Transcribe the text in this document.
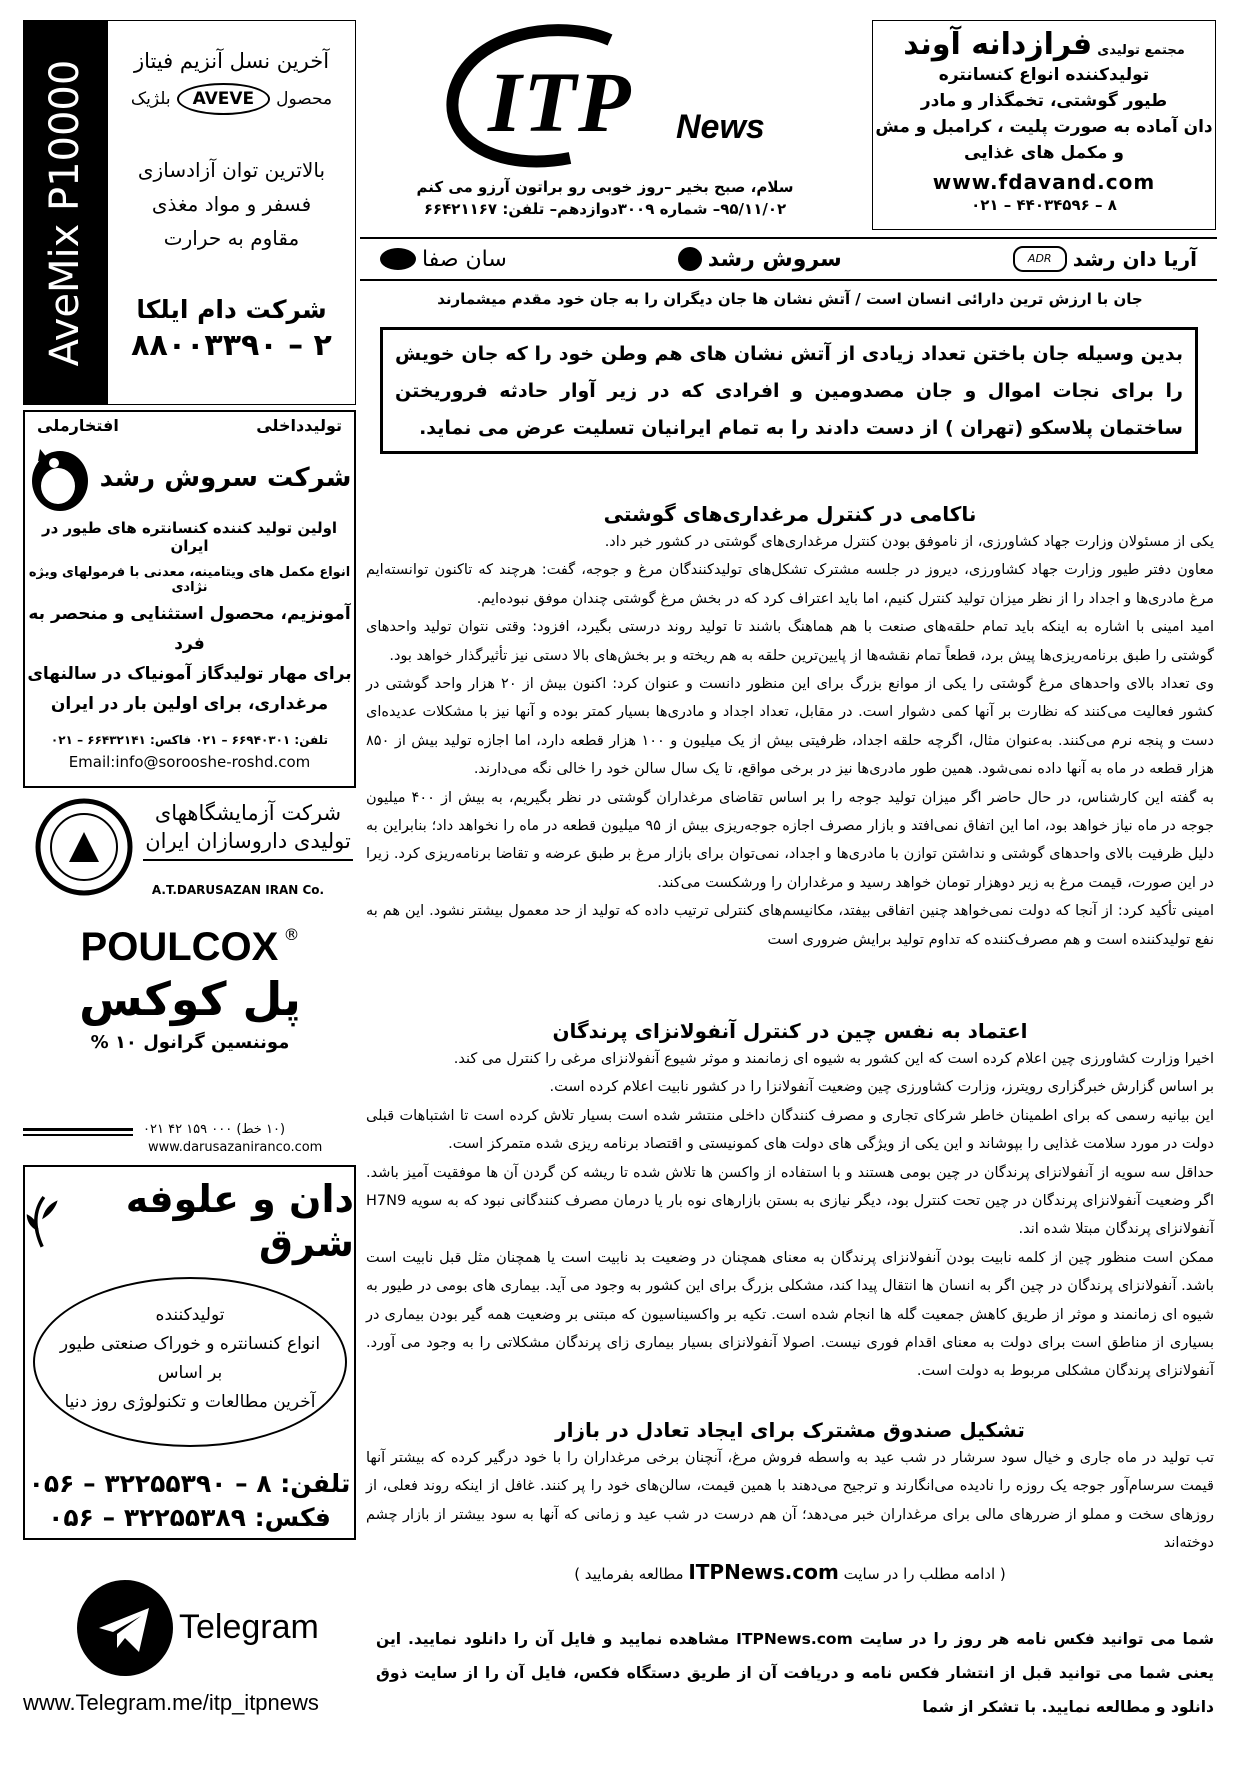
AveMix P10000	آخرین نسل آنزیم فیتاز
محصول
AVEVE
بلژیک
بالاترین توان آزادسازی
فسفر و مواد مغذی
مقاوم به حرارت
شرکت دام ایلکا
۲ – ۸۸۰۰۳۳۹۰
تولیدداخلی
افتخارملی
شرکت سروش رشد
اولین تولید کننده کنسانتره های طیور در ایران
انواع مکمل های ویتامینه، معدنی با فرمولهای ویژه نژادی
آمونزیم، محصول استثنایی و منحصر به فرد
برای مهار تولیدگاز آمونیاک در سالنهای
مرغداری، برای اولین بار در ایران
تلفن: ۶۶۹۴۰۳۰۱ – ۰۲۱ فاکس: ۶۶۴۳۲۱۴۱ – ۰۲۱
Email:info@sorooshe-roshd.com
شرکت آزمایشگاههای
تولیدی داروسازان ایران
A.T.DARUSAZAN IRAN Co.
POULCOX ®
پل کوکس
موننسین گرانول ۱۰ %
(۱۰ خط) ۰۰۰ ۱۵۹ ۴۲ ۰۲۱
www.darusazaniranco.com
دان و علوفه شرق
تولیدکننده
انواع کنسانتره و خوراک صنعتی طیور
بر اساس
آخرین مطالعات و تکنولوژی روز دنیا
تلفن: ۸ – ۳۲۲۵۵۳۹۰ – ۰۵۶
فکس: ۳۲۲۵۵۳۸۹ – ۰۵۶
Telegram
www.Telegram.me/itp_itpnews
ITP News
سلام، صبح بخیر –روز خوبی رو براتون آرزو می کنم
۹۵/۱۱/۰۲– شماره ۳۰۰۹دوازدهم– تلفن: ۶۶۴۲۱۱۶۷
مجتمع تولیدی فرازدانه آوند
تولیدکننده انواع کنسانتره
طیور گوشتی، تخمگذار و مادر
دان آماده به صورت پلیت ، کرامبل و مش
و مکمل های غذایی
www.fdavand.com
۸ – ۴۴۰۳۴۵۹۶ – ۰۲۱
آریا دان رشد
ADR
سروش رشد
سان صفا
جان با ارزش ترین دارائی انسان است / آتش نشان ها جان دیگران را به جان خود مقدم میشمارند
بدین وسیله جان باختن تعداد زیادی از آتش نشان های هم وطن خود را که جان خویش را برای نجات اموال و جان مصدومین و افرادی که در زیر آوار حادثه فروریختن ساختمان پلاسکو (تهران ) از دست دادند را به تمام ایرانیان تسلیت عرض می نماید.
ناکامی در کنترل مرغداری‌های گوشتی

یکی از مسئولان وزارت جهاد کشاورزی، از ناموفق بودن کنترل مرغداری‌های گوشتی در کشور خبر داد.

معاون دفتر طیور وزارت جهاد کشاورزی، دیروز در جلسه مشترک تشکل‌های تولیدکنندگان مرغ و جوجه، گفت: هرچند که تاکنون توانسته‌ایم مرغ مادری‌ها و اجداد را از نظر میزان تولید کنترل کنیم، اما باید اعتراف کرد که در بخش مرغ گوشتی چندان موفق نبوده‌ایم.

امید امینی با اشاره به اینکه باید تمام حلقه‌های صنعت با هم هماهنگ باشند تا تولید روند درستی بگیرد، افزود: وقتی نتوان تولید واحدهای گوشتی را طبق برنامه‌ریزی‌ها پیش برد، قطعاً تمام نقشه‌ها از پایین‌ترین حلقه به هم ریخته و بر بخش‌های بالا دستی نیز تأثیرگذار خواهد بود.

وی تعداد بالای واحدهای مرغ گوشتی را یکی از موانع بزرگ برای این منظور دانست و عنوان کرد: اکنون بیش از ۲۰ هزار واحد گوشتی در کشور فعالیت می‌کنند که نظارت بر آنها کمی دشوار است. در مقابل، تعداد اجداد و مادری‌ها بسیار کمتر بوده و آنها نیز با مشکلات عدیده‌ای دست و پنجه نرم می‌کنند. به‌عنوان مثال، اگرچه حلقه اجداد، ظرفیتی بیش از یک میلیون و ۱۰۰ هزار قطعه دارد، اما اجازه تولید بیش از ۸۵۰ هزار قطعه در ماه به آنها داده نمی‌شود. همین طور مادری‌ها نیز در برخی مواقع، تا یک سال سالن خود را خالی نگه می‌دارند.

به گفته این کارشناس، در حال حاضر اگر میزان تولید جوجه را بر اساس تقاضای مرغداران گوشتی در نظر بگیریم، به بیش از ۴۰۰ میلیون جوجه در ماه نیاز خواهد بود، اما این اتفاق نمی‌افتد و بازار مصرف اجازه جوجه‌ریزی بیش از ۹۵ میلیون قطعه در ماه را نخواهد داد؛ بنابراین به دلیل ظرفیت بالای واحدهای گوشتی و نداشتن توازن با مادری‌ها و اجداد، نمی‌توان برای بازار مرغ بر طبق عرضه و تقاضا برنامه‌ریزی کرد. زیرا در این صورت، قیمت مرغ به زیر دوهزار تومان خواهد رسید و مرغداران را ورشکست می‌کند.

امینی تأکید کرد: از آنجا که دولت نمی‌خواهد چنین اتفاقی بیفتد، مکانیسم‌های کنترلی ترتیب داده که تولید از حد معمول بیشتر نشود. این هم به نفع تولیدکننده است و هم مصرف‌کننده که تداوم تولید برایش ضروری است

اعتماد به نفس چین در کنترل آنفولانزای پرندگان

اخیرا وزارت کشاورزی چین اعلام کرده است که این کشور به شیوه ای زمانمند و موثر شیوع آنفولانزای مرغی را کنترل می کند.

بر اساس گزارش خبرگزاری رویترز، وزارت کشاورزی چین وضعیت آنفولانزا را در کشور نابیت اعلام کرده است.

این بیانیه رسمی که برای اطمینان خاطر شرکای تجاری و مصرف کنندگان داخلی منتشر شده است بسیار تلاش کرده است تا اشتباهات قبلی دولت در مورد سلامت غذایی را بپوشاند و این یکی از ویژگی های دولت های کمونیستی و اقتصاد برنامه ریزی شده متمرکز است.

حداقل سه سویه از آنفولانزای پرندگان در چین بومی هستند و با استفاده از واکسن ها تلاش شده تا ریشه کن گردن آن ها موفقیت آمیز باشد. اگر وضعیت آنفولانزای پرندگان در چین تحت کنترل بود، دیگر نیازی به بستن بازارهای نوه بار یا درمان مصرف کنندگانی نبود که به سویه H7N9 آنفولانزای پرندگان مبتلا شده اند.

ممکن است منظور چین از کلمه نابیت بودن آنفولانزای پرندگان به معنای همچنان در وضعیت بد نابیت است یا همچنان مثل قبل نابیت است باشد. آنفولانزای پرندگان در چین اگر به انسان ها انتقال پیدا کند، مشکلی بزرگ برای این کشور به وجود می آید. بیماری های بومی در طیور به شیوه ای زمانمند و موثر از طریق کاهش جمعیت گله ها انجام شده است. تکیه بر واکسیناسیون که مبتنی بر وضعیت همه گیر بودن بیماری در بسیاری از مناطق است برای دولت به معنای اقدام فوری نیست. اصولا آنفولانزای بسیار بیماری زای پرندگان مشکلاتی را به وجود می آورد. آنفولانزای پرندگان مشکلی مربوط به دولت است.

تشکیل صندوق مشترک برای ایجاد تعادل در بازار

تب تولید در ماه جاری و خیال سود سرشار در شب عید به واسطه فروش مرغ، آنچنان برخی مرغداران را با خود درگیر کرده که بیشتر آنها قیمت سرسام‌آور جوجه یک روزه را نادیده می‌انگارند و ترجیح می‌دهند با همین قیمت، سالن‌های خود را پر کنند. غافل از اینکه روند فعلی، از روزهای سخت و مملو از ضررهای مالی برای مرغداران خبر می‌دهد؛ آن هم درست در شب عید و زمانی که آنها به سود بیشتر از بازار چشم دوخته‌اند

( ادامه مطلب را در سایت ITPNews.com مطالعه بفرمایید )
شما می توانید فکس نامه هر روز را در سایت ITPNews.com مشاهده نمایید و فایل آن را دانلود نمایید. این یعنی شما می توانید قبل از انتشار فکس نامه و دریافت آن از طریق دستگاه فکس، فایل آن را از سایت ذوق دانلود و مطالعه نمایید. با تشکر از شما
